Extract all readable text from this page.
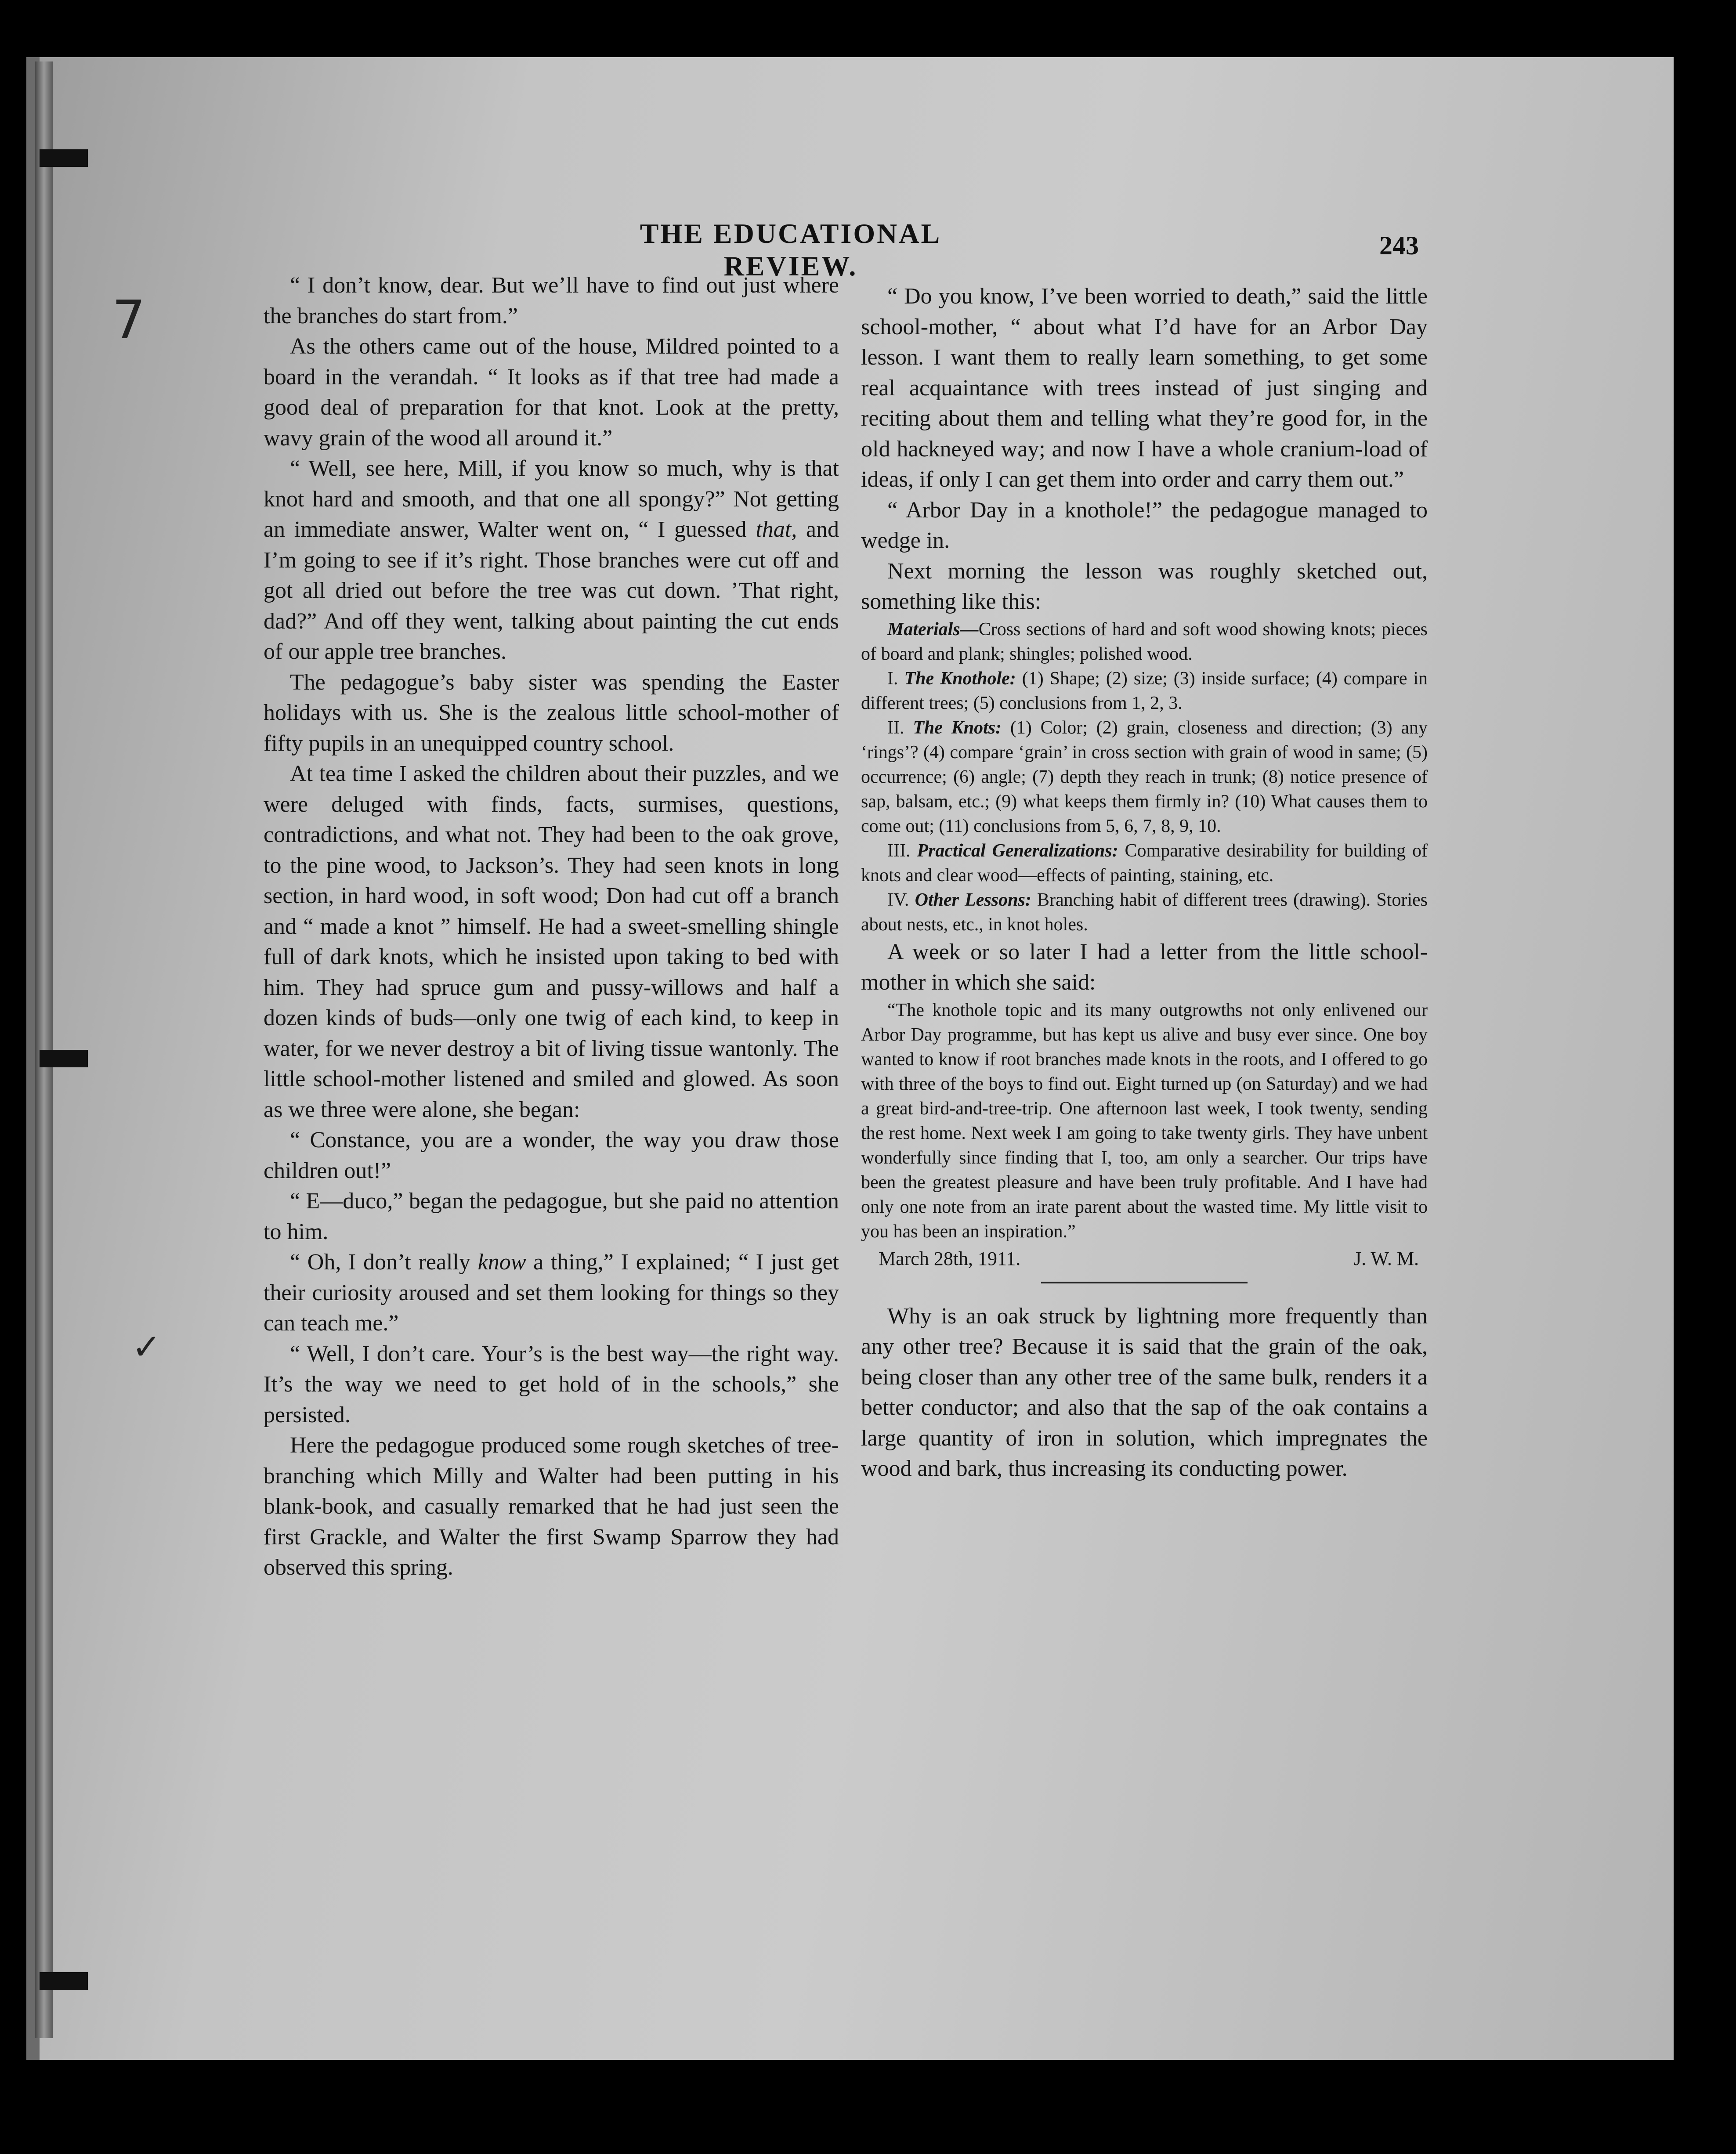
7
✓
THE EDUCATIONAL REVIEW.
243

“ I don’t know, dear. But we’ll have to find out just where the branches do start from.”

As the others came out of the house, Mildred pointed to a board in the verandah. “ It looks as if that tree had made a good deal of preparation for that knot. Look at the pretty, wavy grain of the wood all around it.”

“ Well, see here, Mill, if you know so much, why is that knot hard and smooth, and that one all spongy?” Not getting an immediate answer, Walter went on, “ I guessed that, and I’m going to see if it’s right. Those branches were cut off and got all dried out before the tree was cut down. ’That right, dad?” And off they went, talking about painting the cut ends of our apple tree branches.

The pedagogue’s baby sister was spending the Easter holidays with us. She is the zealous little school-mother of fifty pupils in an unequipped country school.

At tea time I asked the children about their puzzles, and we were deluged with finds, facts, surmises, questions, contradictions, and what not. They had been to the oak grove, to the pine wood, to Jackson’s. They had seen knots in long section, in hard wood, in soft wood; Don had cut off a branch and “ made a knot ” himself. He had a sweet-smelling shingle full of dark knots, which he insisted upon taking to bed with him. They had spruce gum and pussy-willows and half a dozen kinds of buds—only one twig of each kind, to keep in water, for we never destroy a bit of living tissue wantonly. The little school-mother listened and smiled and glowed. As soon as we three were alone, she began:

“ Constance, you are a wonder, the way you draw those children out!”

“ E—duco,” began the pedagogue, but she paid no attention to him.

“ Oh, I don’t really know a thing,” I explained; “ I just get their curiosity aroused and set them looking for things so they can teach me.”

“ Well, I don’t care. Your’s is the best way—the right way. It’s the way we need to get hold of in the schools,” she persisted.

Here the pedagogue produced some rough sketches of tree-branching which Milly and Walter had been putting in his blank-book, and casually remarked that he had just seen the first Grackle, and Walter the first Swamp Sparrow they had observed this spring.

“ Do you know, I’ve been worried to death,” said the little school-mother, “ about what I’d have for an Arbor Day lesson. I want them to really learn something, to get some real acquaintance with trees instead of just singing and reciting about them and telling what they’re good for, in the old hackneyed way; and now I have a whole cranium-load of ideas, if only I can get them into order and carry them out.”

“ Arbor Day in a knothole!” the pedagogue managed to wedge in.

Next morning the lesson was roughly sketched out, something like this:

Materials—Cross sections of hard and soft wood showing knots; pieces of board and plank; shingles; polished wood.

I. The Knothole: (1) Shape; (2) size; (3) inside surface; (4) compare in different trees; (5) conclusions from 1, 2, 3.

II. The Knots: (1) Color; (2) grain, closeness and direction; (3) any ‘rings’? (4) compare ‘grain’ in cross section with grain of wood in same; (5) occurrence; (6) angle; (7) depth they reach in trunk; (8) notice presence of sap, balsam, etc.; (9) what keeps them firmly in? (10) What causes them to come out; (11) conclusions from 5, 6, 7, 8, 9, 10.

III. Practical Generalizations: Comparative desirability for building of knots and clear wood—effects of painting, staining, etc.

IV. Other Lessons: Branching habit of different trees (drawing). Stories about nests, etc., in knot holes.

A week or so later I had a letter from the little school-mother in which she said:

“The knothole topic and its many outgrowths not only enlivened our Arbor Day programme, but has kept us alive and busy ever since. One boy wanted to know if root branches made knots in the roots, and I offered to go with three of the boys to find out. Eight turned up (on Saturday) and we had a great bird-and-tree-trip. One afternoon last week, I took twenty, sending the rest home. Next week I am going to take twenty girls. They have unbent wonderfully since finding that I, too, am only a searcher. Our trips have been the greatest pleasure and have been truly profitable. And I have had only one note from an irate parent about the wasted time. My little visit to you has been an inspiration.”

March 28th, 1911.	J. W. M.

Why is an oak struck by lightning more frequently than any other tree? Because it is said that the grain of the oak, being closer than any other tree of the same bulk, renders it a better conductor; and also that the sap of the oak contains a large quantity of iron in solution, which impregnates the wood and bark, thus increasing its conducting power.
